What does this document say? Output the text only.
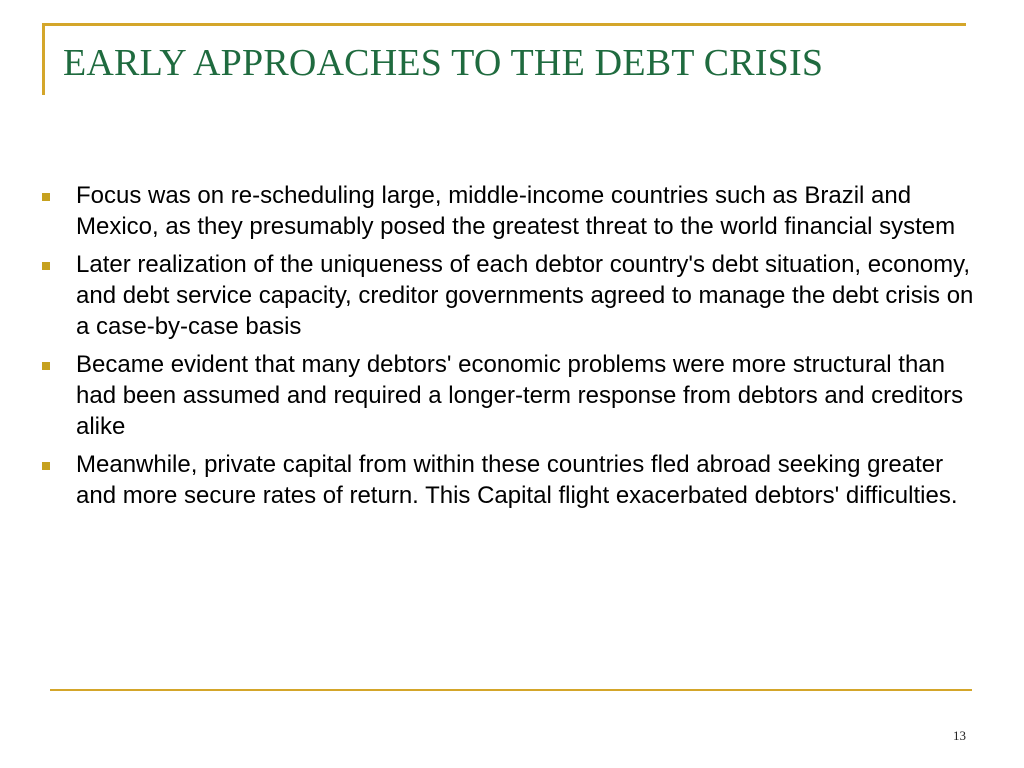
EARLY APPROACHES TO THE DEBT CRISIS
Focus was on re-scheduling large, middle-income countries such as Brazil and Mexico, as they presumably posed the greatest threat to the world financial system
Later realization of the uniqueness of each debtor country's debt situation, economy, and debt service capacity, creditor governments agreed to manage the debt crisis on a case-by-case basis
Became evident that many debtors' economic problems were more structural than had been assumed and required a longer-term response from debtors and creditors alike
Meanwhile, private capital from within these countries fled abroad seeking greater and more secure rates of return. This Capital flight exacerbated debtors' difficulties.
13
